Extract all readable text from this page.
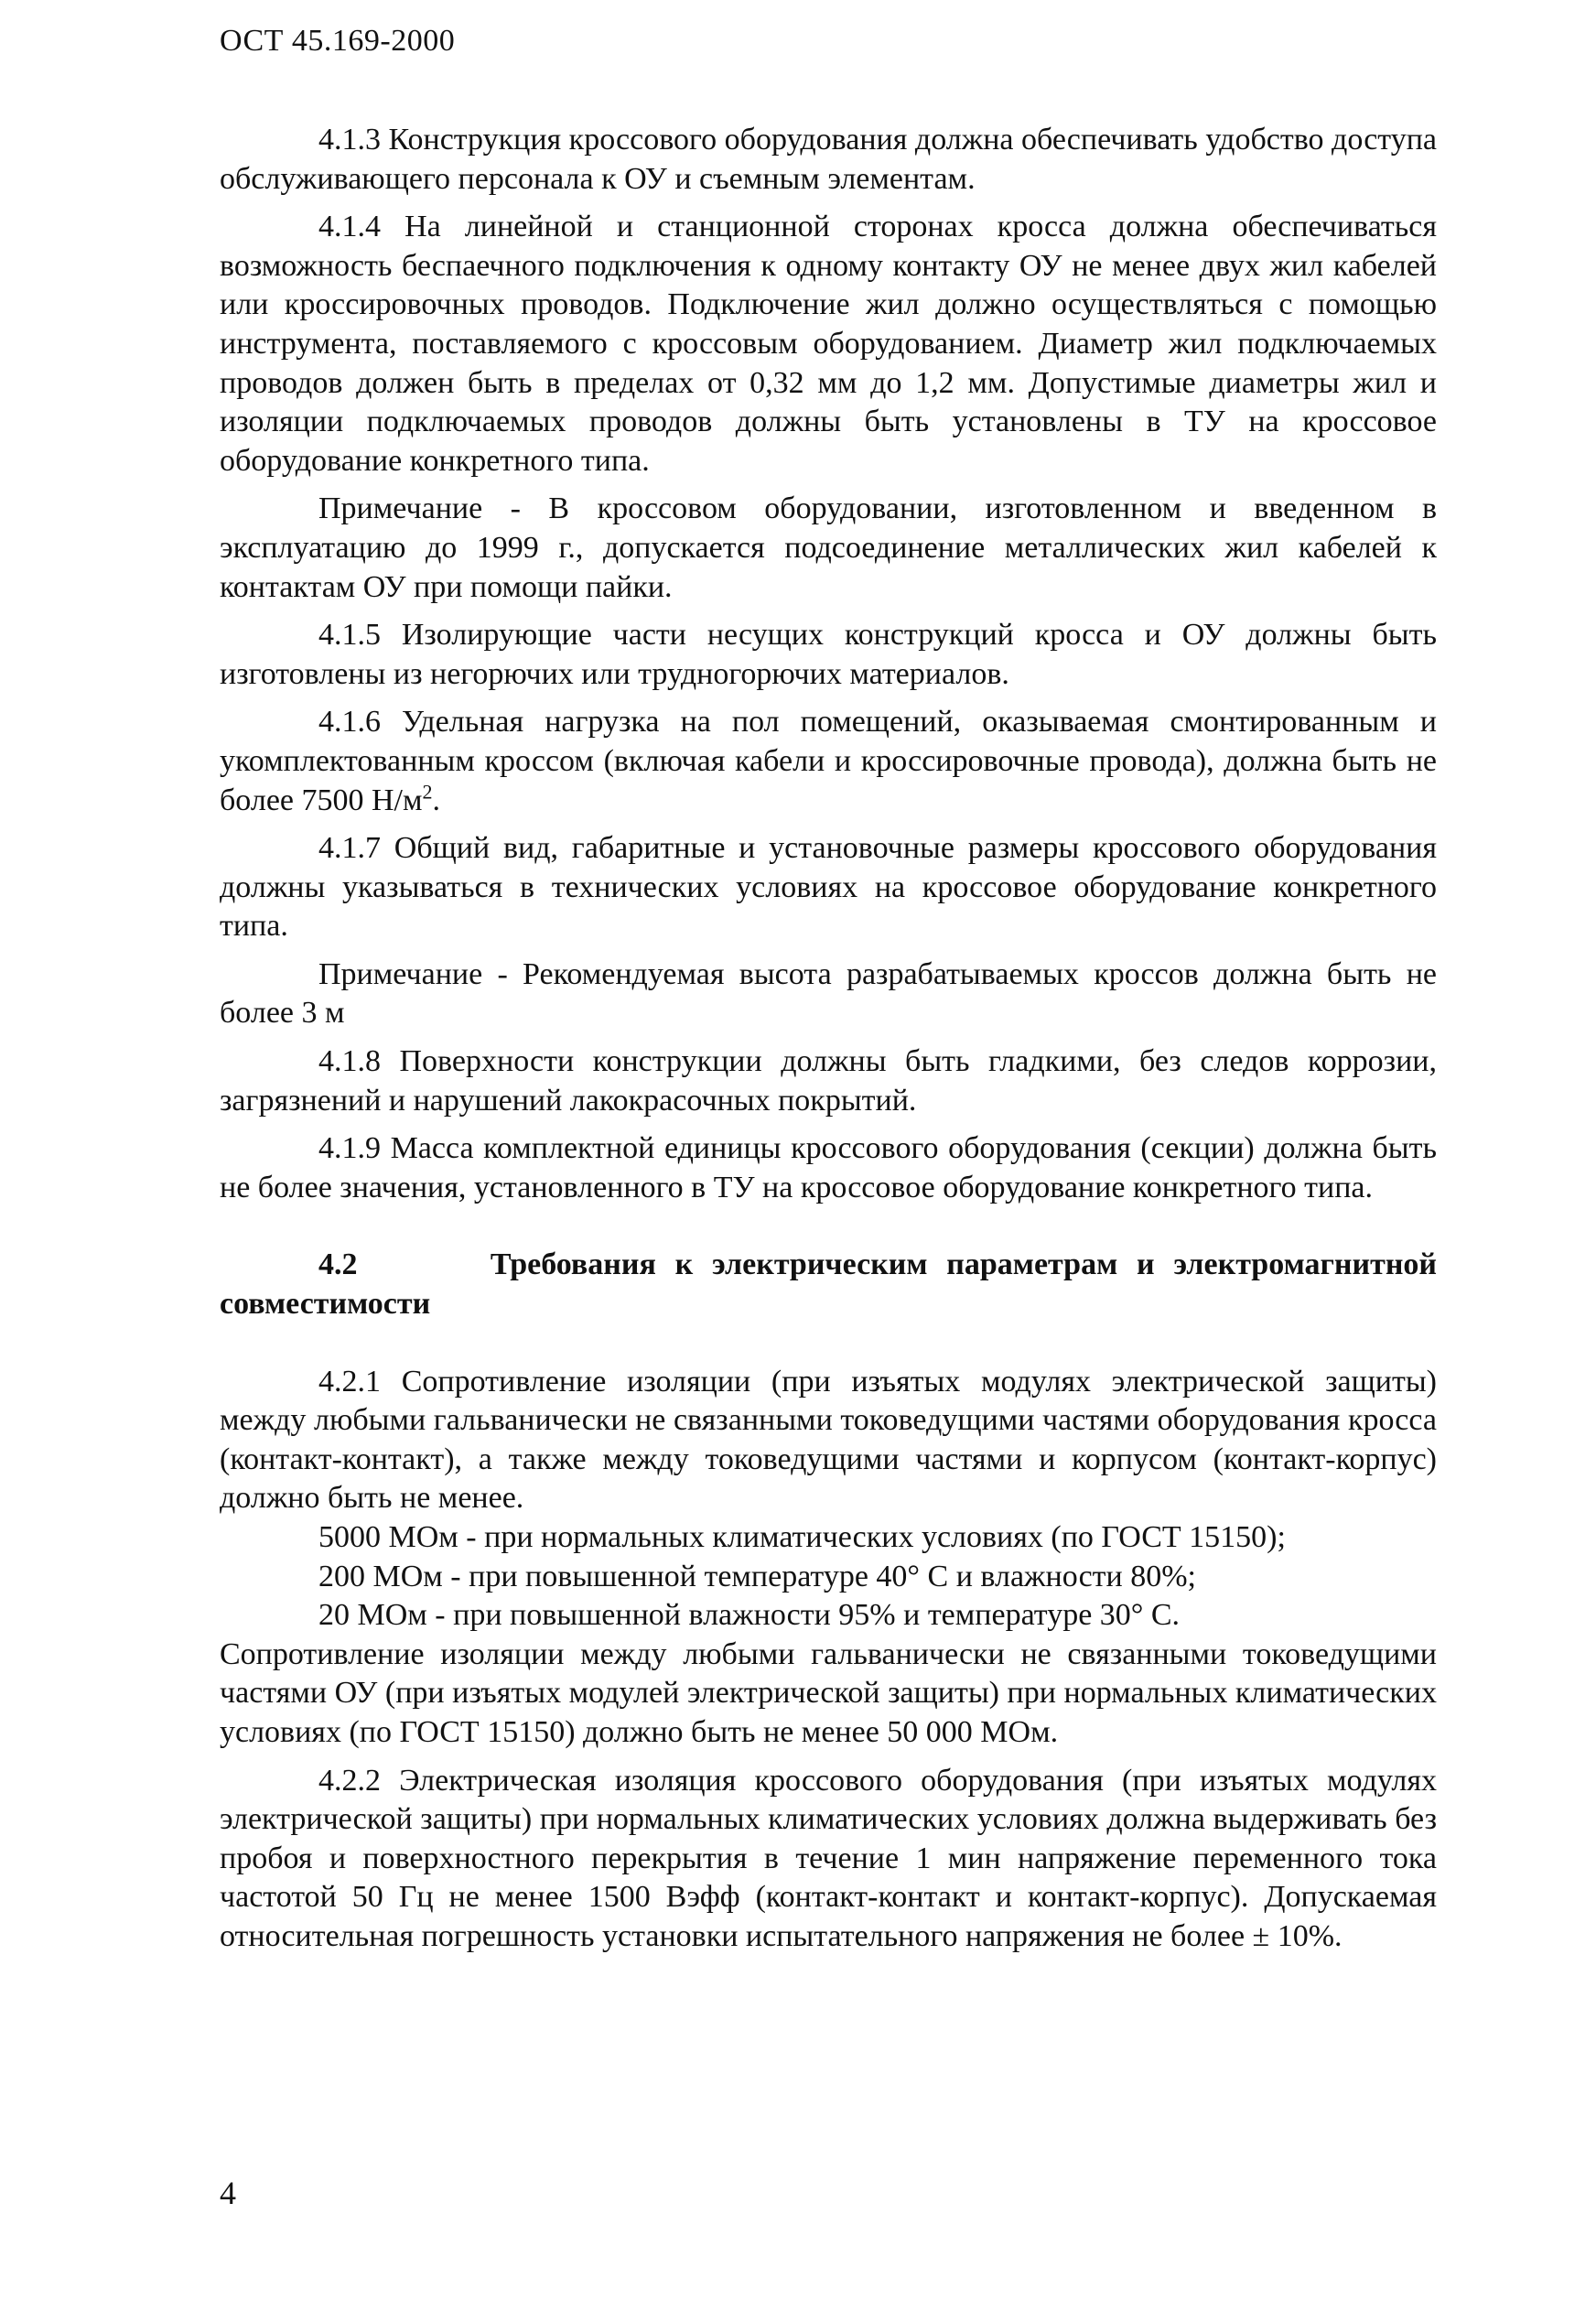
ОСТ 45.169-2000

4.1.3 Конструкция кроссового оборудования должна обеспечивать удобство доступа обслуживающего персонала к ОУ и съемным элементам.

4.1.4 На линейной и станционной сторонах кросса должна обеспечиваться возможность беспаечного подключения к одному контакту ОУ не менее двух жил кабелей или кроссировочных проводов. Подключение жил должно осуществляться с помощью инструмента, поставляемого с кроссовым оборудованием. Диаметр жил подключаемых проводов должен быть в пределах от 0,32 мм до 1,2 мм. Допустимые диаметры жил и изоляции подключаемых проводов должны быть установлены в ТУ на кроссовое оборудование конкретного типа.

Примечание - В кроссовом оборудовании, изготовленном и введенном в эксплуатацию до 1999 г., допускается подсоединение металлических жил кабелей к контактам ОУ при помощи пайки.

4.1.5 Изолирующие части несущих конструкций кросса и ОУ должны быть изготовлены из негорючих или трудногорючих материалов.

4.1.6 Удельная нагрузка на пол помещений, оказываемая смонтированным и укомплектованным кроссом (включая кабели и кроссировочные провода), должна быть не более 7500 $Н/м^2$.

4.1.7 Общий вид, габаритные и установочные размеры кроссового оборудования должны указываться в технических условиях на кроссовое оборудование конкретного типа.

Примечание - Рекомендуемая высота разрабатываемых кроссов должна быть не более 3 м

4.1.8 Поверхности конструкции должны быть гладкими, без следов коррозии, загрязнений и нарушений лакокрасочных покрытий.

4.1.9 Масса комплектной единицы кроссового оборудования (секции) должна быть не более значения, установленного в ТУ на кроссовое оборудование конкретного типа.

4.2	Требования к электрическим параметрам и электромагнитной совместимости

4.2.1 Сопротивление изоляции (при изъятых модулях электрической защиты) между любыми гальванически не связанными токоведущими частями оборудования кросса (контакт-контакт), а также между токоведущими частями и корпусом (контакт-корпус) должно быть не менее.

5000 МОм - при нормальных климатических условиях (по ГОСТ 15150);

200 МОм - при повышенной температуре 40° С и влажности 80%;

20 МОм - при повышенной влажности 95% и температуре 30° С.

Сопротивление изоляции между любыми гальванически не связанными токоведущими частями ОУ (при изъятых модулей электрической защиты) при нормальных климатических условиях (по ГОСТ 15150) должно быть не менее 50 000 МОм.

4.2.2 Электрическая изоляция кроссового оборудования (при изъятых модулях электрической защиты) при нормальных климатических условиях должна выдерживать без пробоя и поверхностного перекрытия в течение 1 мин напряжение переменного тока частотой 50 Гц не менее 1500 Вэфф (контакт-контакт и контакт-корпус). Допускаемая относительная погрешность установки испытательного напряжения не более ± 10%.

4
